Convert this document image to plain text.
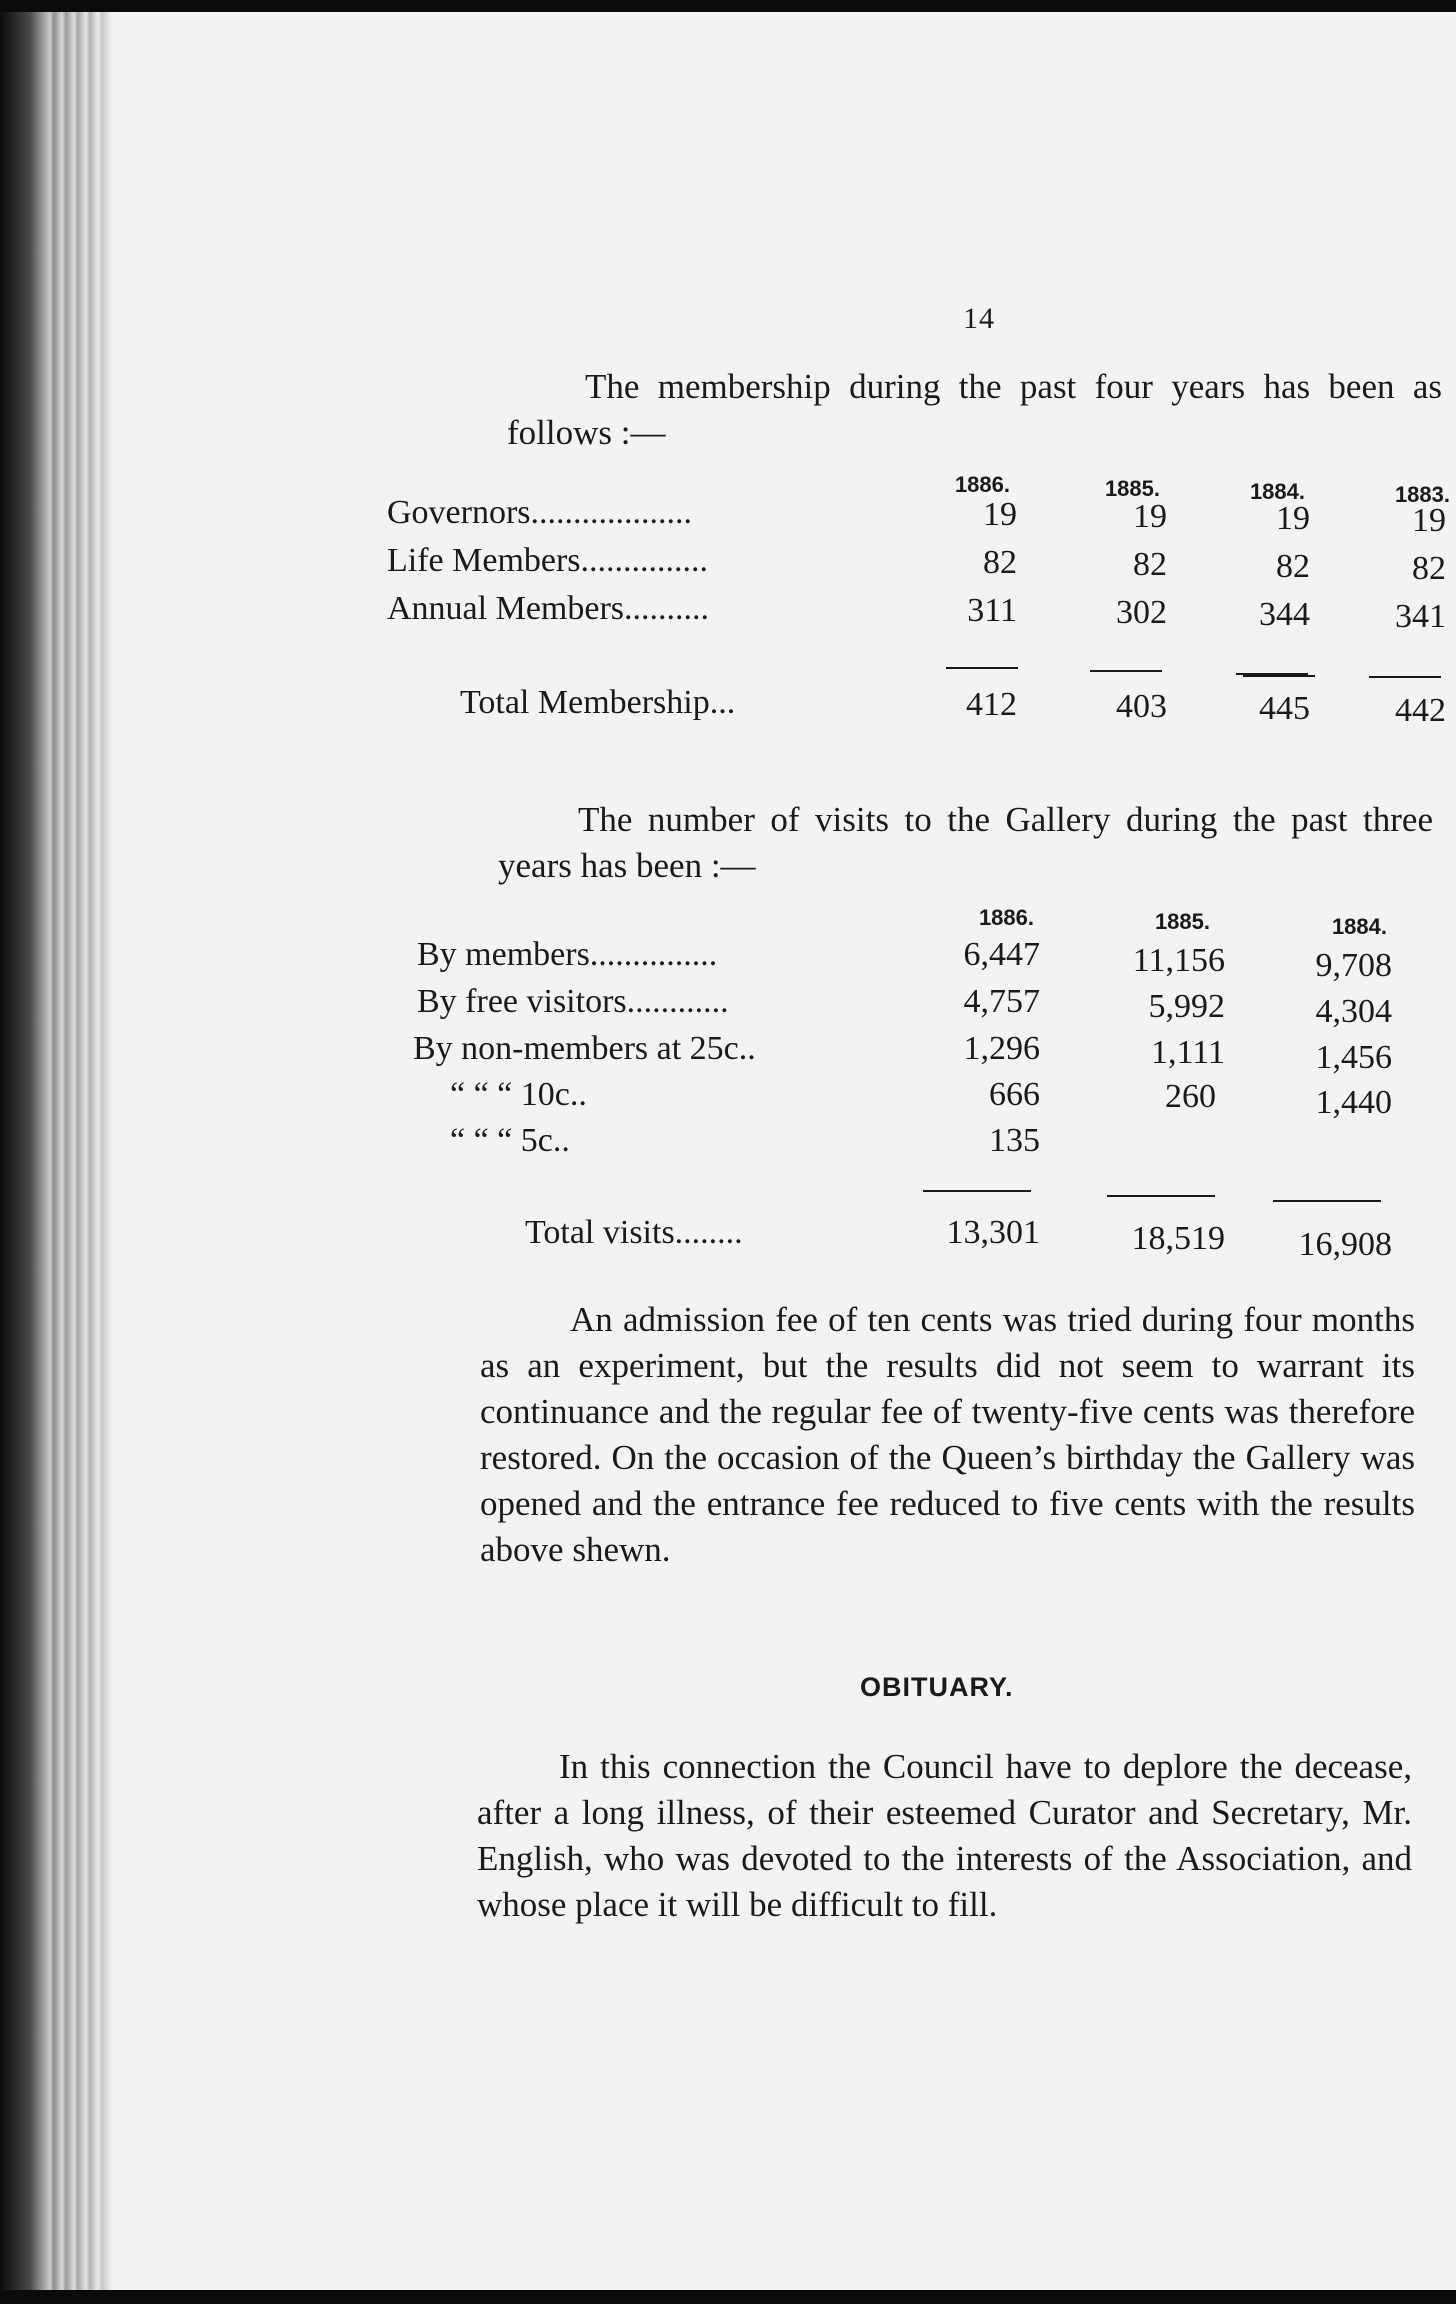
14

The membership during the past four years has been as follows :—

1886.	1885.	1884.	1883.
Governors...................	19	19	19	19
Life Members...............	82	82	82	82
Annual Members..........	311	302	344	341
Total Membership...	412	403	445	442

The number of visits to the Gallery during the past three years has been :—

1886.	1885.	1884.
By members...............	6,447	11,156	9,708
By free visitors............	4,757	5,992	4,304
By non-members at 25c..	1,296	1,111	1,456
“ “ “ 10c..	666	260	1,440
“ “ “ 5c..	135
Total visits........	13,301	18,519	16,908

An admission fee of ten cents was tried during four months as an experiment, but the results did not seem to warrant its continuance and the regular fee of twenty-five cents was therefore restored. On the occasion of the Queen’s birthday the Gallery was opened and the entrance fee reduced to five cents with the results above shewn.

OBITUARY.

In this connection the Council have to deplore the decease, after a long illness, of their esteemed Curator and Secretary, Mr. English, who was devoted to the interests of the Association, and whose place it will be difficult to fill.
